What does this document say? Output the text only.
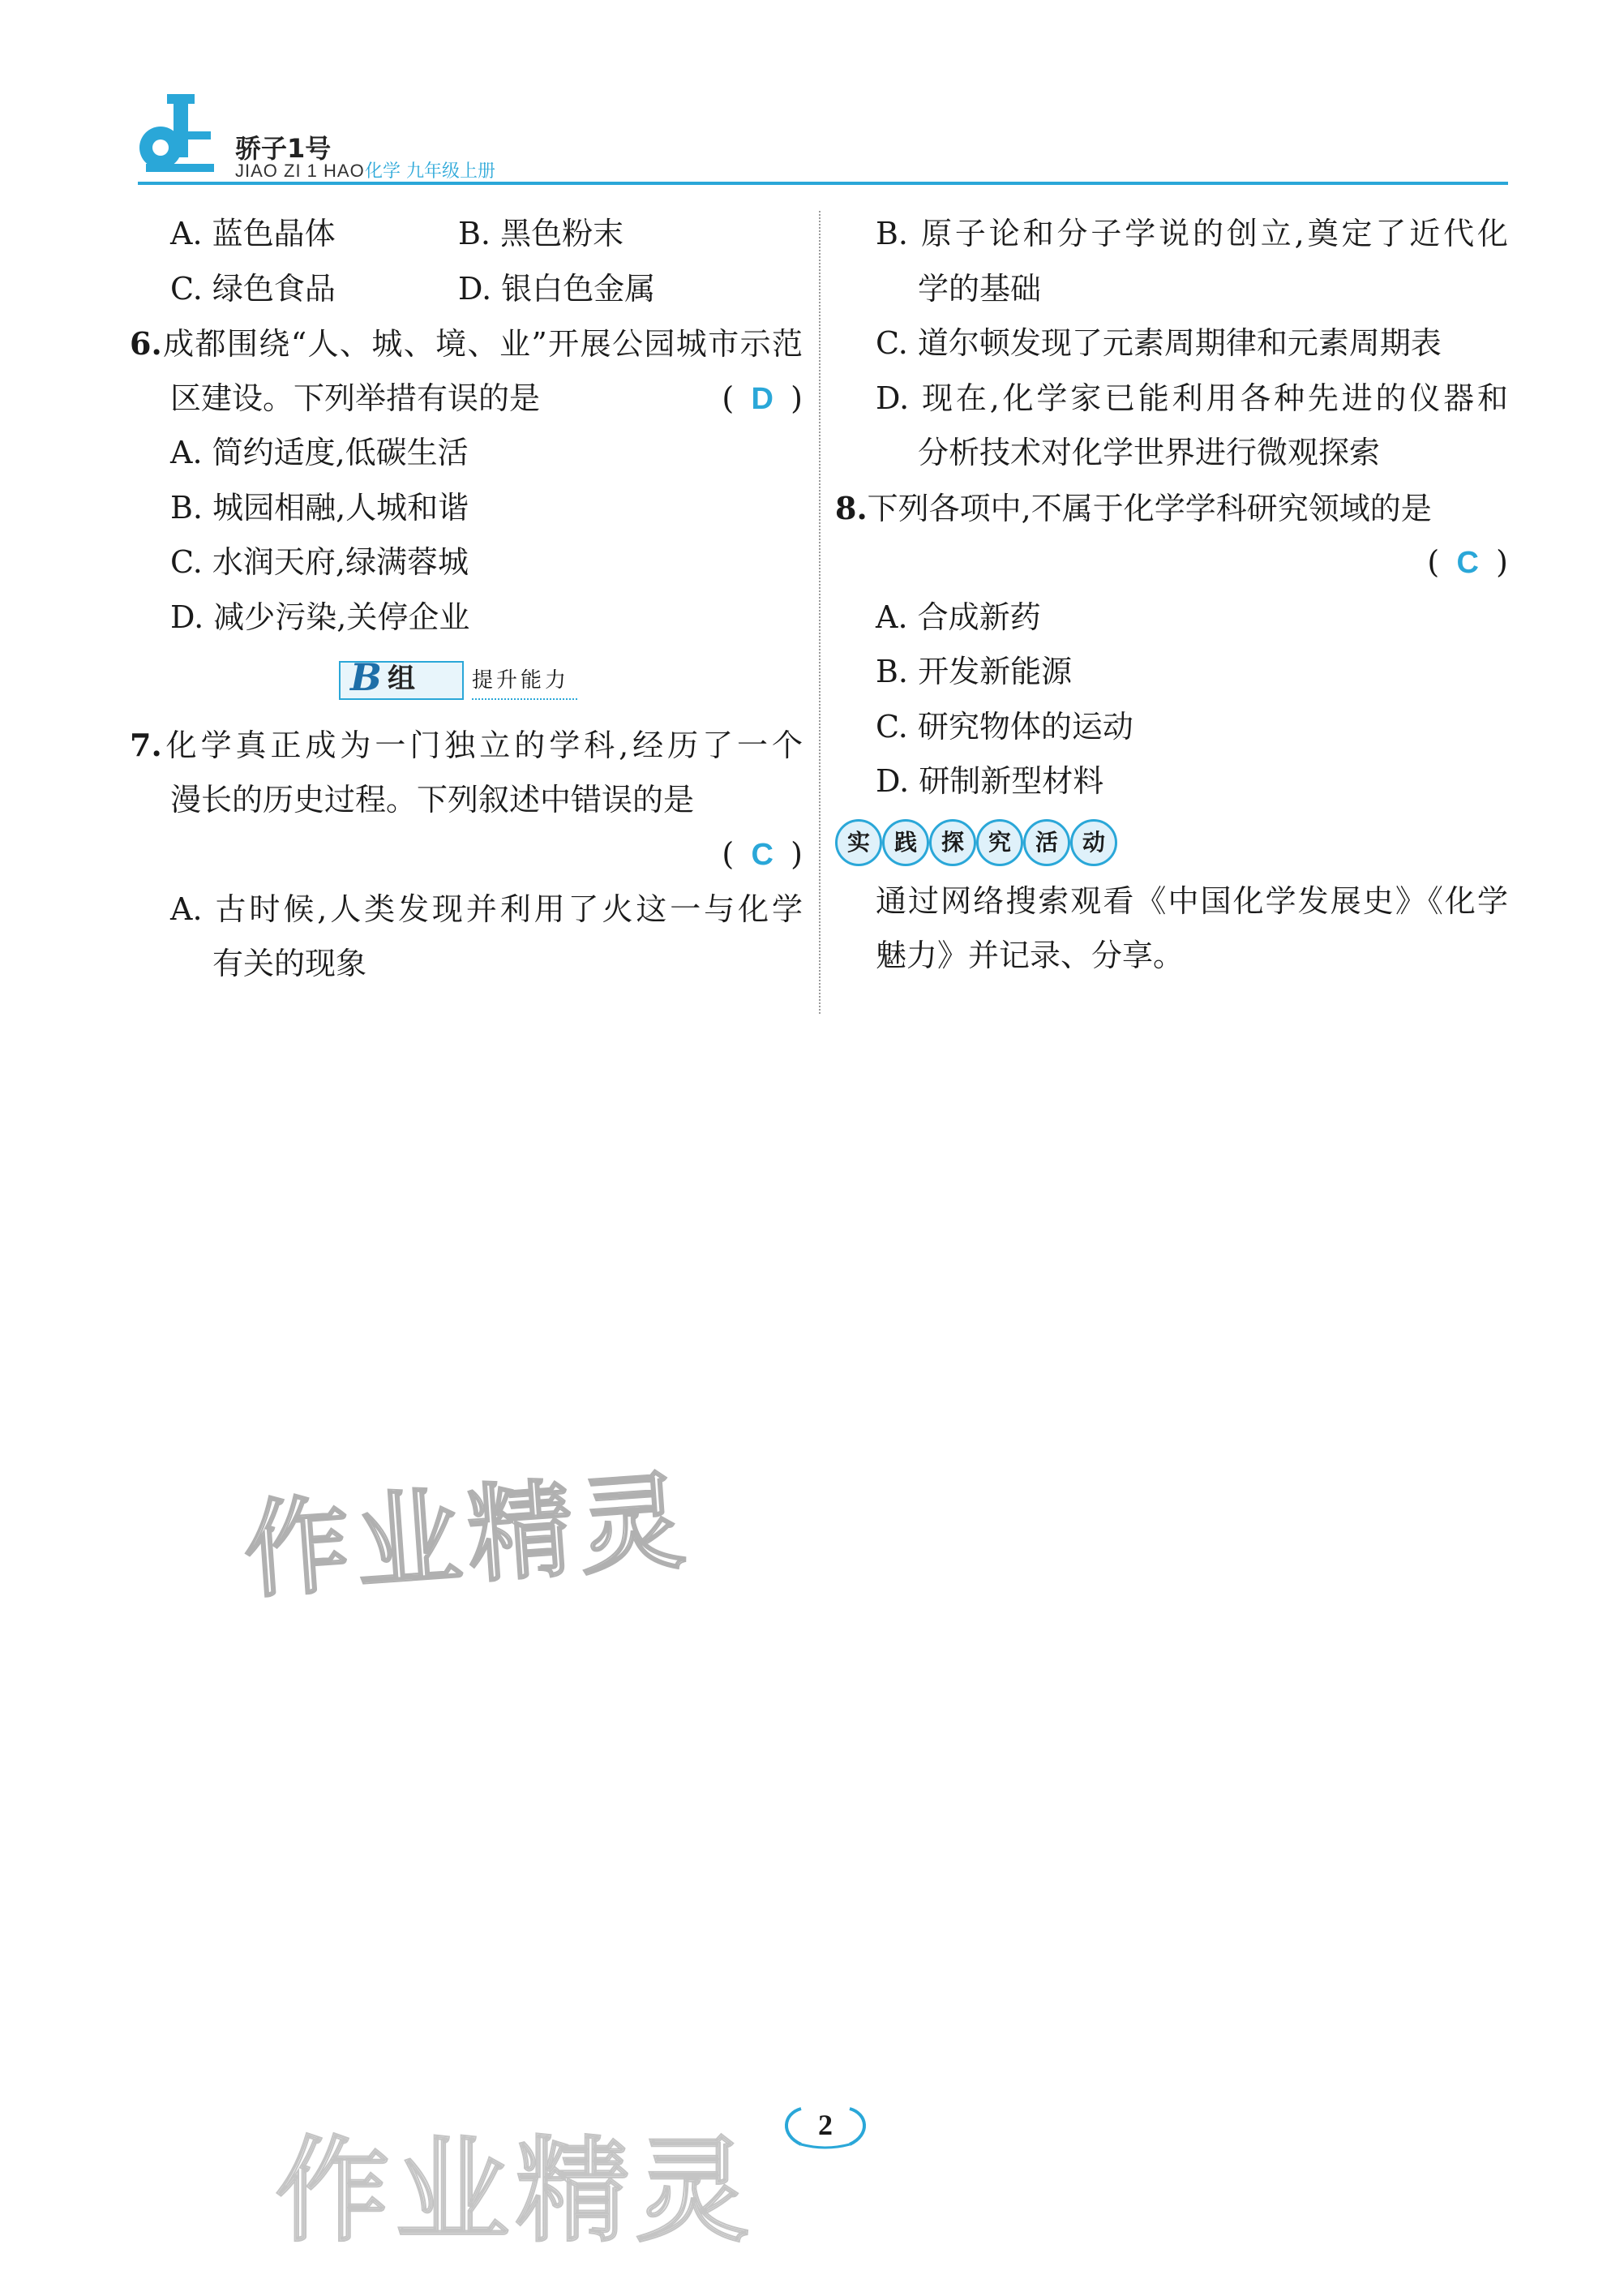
骄子1号
JIAO ZI 1 HAO 化学 九年级上册
A. 蓝色晶体	B. 黑色粉末
C. 绿色食品	D. 银白色金属
6.成都围绕“人、城、境、业”开展公园城市示范
区建设。下列举措有误的是	( D )
A. 简约适度,低碳生活
B. 城园相融,人城和谐
C. 水润天府,绿满蓉城
D. 减少污染,关停企业
B 组	提升能力
7.化学真正成为一门独立的学科,经历了一个
漫长的历史过程。下列叙述中错误的是
( C )
A. 古时候,人类发现并利用了火这一与化学
有关的现象
B. 原子论和分子学说的创立,奠定了近代化
学的基础
C. 道尔顿发现了元素周期律和元素周期表
D. 现在,化学家已能利用各种先进的仪器和
分析技术对化学世界进行微观探索
8.下列各项中,不属于化学学科研究领域的是
( C )
A. 合成新药
B. 开发新能源
C. 研究物体的运动
D. 研制新型材料
实	践	探	究	活	动
通过网络搜索观看《中国化学发展史》《化学
魅力》并记录、分享。
作业精灵
作业精灵
2
